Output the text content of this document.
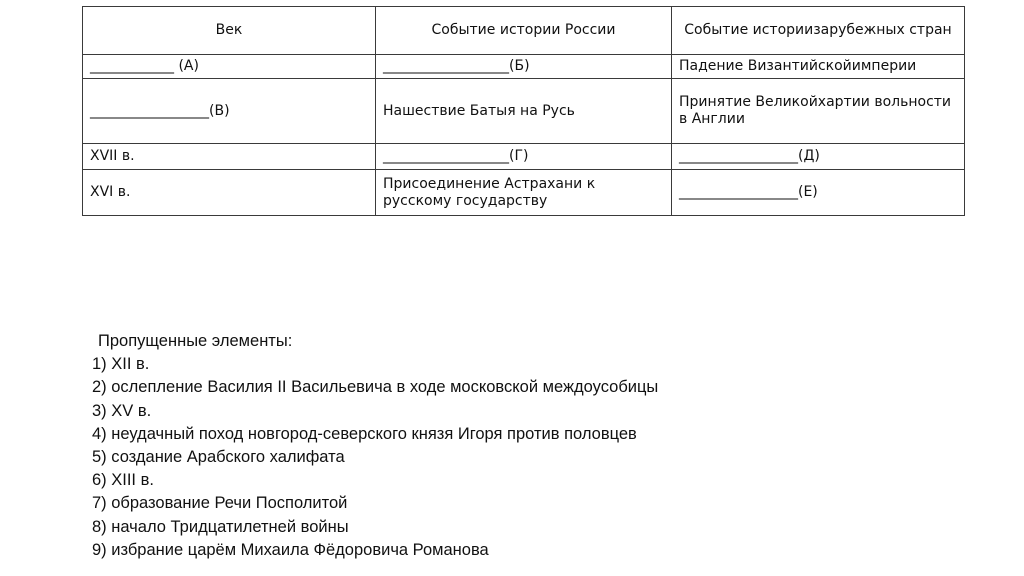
Век	Событие истории России	Событие историизарубежных стран
____________ (А)	__________________(Б)	Падение Византийскойимперии
_________________(В)	Нашествие Батыя на Русь	Принятие Великойхартии вольности
в Англии
XVII в.	__________________(Г)	_________________(Д)
XVI в.	Присоединение Астрахани к русскому государству	_________________(Е)
Пропущенные элементы:
1) XII в.
2) ослепление Василия II Васильевича в ходе московской междоусобицы
3) XV в.
4) неудачный поход новгород-северского князя Игоря против половцев
5) создание Арабского халифата
6) XIII в.
7) образование Речи Посполитой
8) начало Тридцатилетней войны
9) избрание царём Михаила Фёдоровича Романова
